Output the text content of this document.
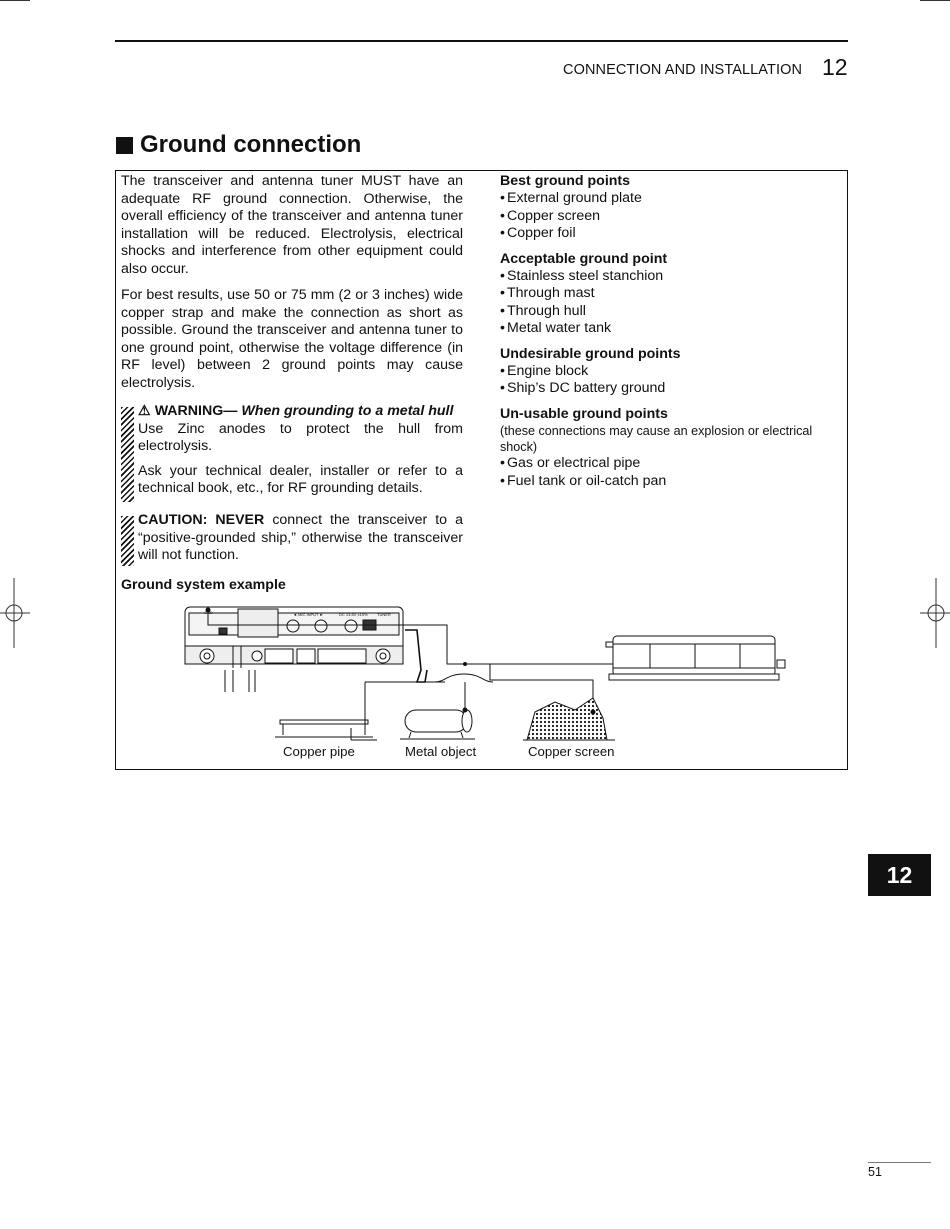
CONNECTION AND INSTALLATION 12
Ground connection
The transceiver and antenna tuner MUST have an adequate RF ground connection. Otherwise, the overall efficiency of the transceiver and antenna tuner installation will be reduced. Electrolysis, electrical shocks and interference from other equipment could also occur.
For best results, use 50 or 75 mm (2 or 3 inches) wide copper strap and make the connection as short as possible. Ground the transceiver and antenna tuner to one ground point, otherwise the voltage difference (in RF level) between 2 ground points may cause electrolysis.
⚠ WARNING— When grounding to a metal hull
Use Zinc anodes to protect the hull from electrolysis.
Ask your technical dealer, installer or refer to a technical book, etc., for RF grounding details.
CAUTION: NEVER connect the transceiver to a “positive-grounded ship,” otherwise the transceiver will not function.
Ground system example
Best ground points
• External ground plate
• Copper screen
• Copper foil
Acceptable ground point
• Stainless steel stanchion
• Through mast
• Through hull
• Metal water tank
Undesirable ground points
• Engine block
• Ship’s DC battery ground
Un-usable ground points
(these connections may cause an explosion or electrical shock)
• Gas or electrical pipe
• Fuel tank or oil-catch pan
GND	◄ MIC INPUT ►	DC 13.6V ±15% TUNER
Copper pipe	Metal object	Copper screen
12
51
